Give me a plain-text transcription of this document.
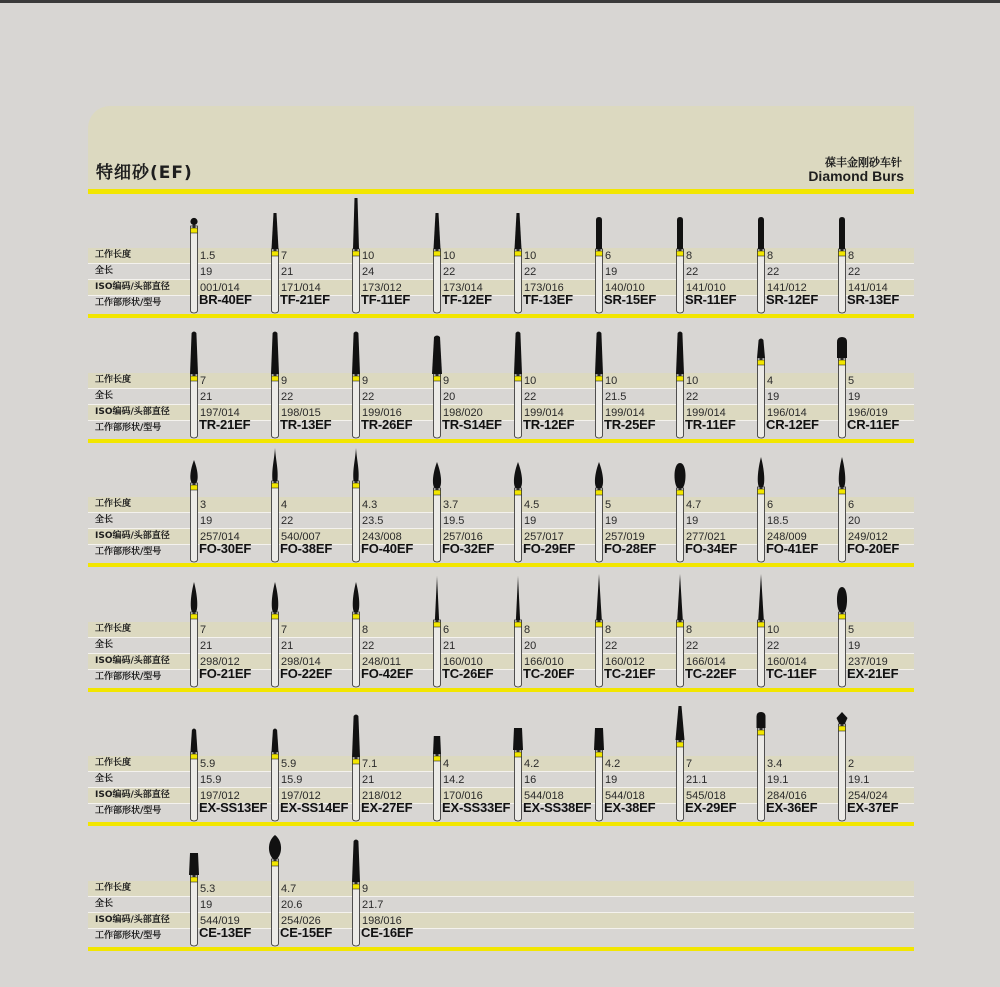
特细砂(EF)
葆丰金刚砂车针
Diamond Burs
工作长度
全长
ISO编码/头部直径
工作部形状/型号
1.5
19
001/014
BR-40EF
7
21
171/014
TF-21EF
10
24
173/012
TF-11EF
10
22
173/014
TF-12EF
10
22
173/016
TF-13EF
6
19
140/010
SR-15EF
8
22
141/010
SR-11EF
8
22
141/012
SR-12EF
8
22
141/014
SR-13EF
工作长度
全长
ISO编码/头部直径
工作部形状/型号
7
21
197/014
TR-21EF
9
22
198/015
TR-13EF
9
22
199/016
TR-26EF
9
20
198/020
TR-S14EF
10
22
199/014
TR-12EF
10
21.5
199/014
TR-25EF
10
22
199/014
TR-11EF
4
19
196/014
CR-12EF
5
19
196/019
CR-11EF
工作长度
全长
ISO编码/头部直径
工作部形状/型号
3
19
257/014
FO-30EF
4
22
540/007
FO-38EF
4.3
23.5
243/008
FO-40EF
3.7
19.5
257/016
FO-32EF
4.5
19
257/017
FO-29EF
5
19
257/019
FO-28EF
4.7
19
277/021
FO-34EF
6
18.5
248/009
FO-41EF
6
20
249/012
FO-20EF
工作长度
全长
ISO编码/头部直径
工作部形状/型号
7
21
298/012
FO-21EF
7
21
298/014
FO-22EF
8
22
248/011
FO-42EF
6
21
160/010
TC-26EF
8
20
166/010
TC-20EF
8
22
160/012
TC-21EF
8
22
166/014
TC-22EF
10
22
160/014
TC-11EF
5
19
237/019
EX-21EF
工作长度
全长
ISO编码/头部直径
工作部形状/型号
5.9
15.9
197/012
EX-SS13EF
5.9
15.9
197/012
EX-SS14EF
7.1
21
218/012
EX-27EF
4
14.2
170/016
EX-SS33EF
4.2
16
544/018
EX-SS38EF
4.2
19
544/018
EX-38EF
7
21.1
545/018
EX-29EF
3.4
19.1
284/016
EX-36EF
2
19.1
254/024
EX-37EF
工作长度
全长
ISO编码/头部直径
工作部形状/型号
5.3
19
544/019
CE-13EF
4.7
20.6
254/026
CE-15EF
9
21.7
198/016
CE-16EF
